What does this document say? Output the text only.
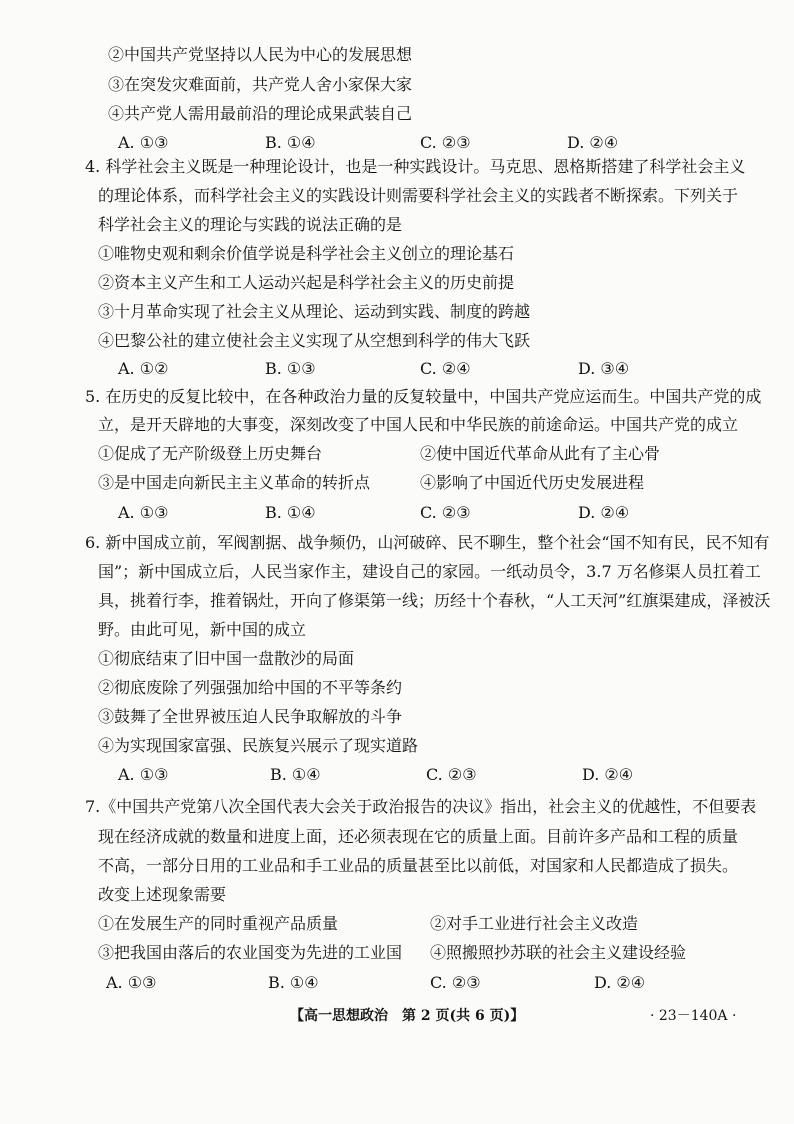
②中国共产党坚持以人民为中心的发展思想
③在突发灾难面前，共产党人舍小家保大家
④共产党人需用最前沿的理论成果武装自己
A. ①③	B. ①④	C. ②③	D. ②④
4. 科学社会主义既是一种理论设计，也是一种实践设计。马克思、恩格斯搭建了科学社会主义
的理论体系，而科学社会主义的实践设计则需要科学社会主义的实践者不断探索。下列关于
科学社会主义的理论与实践的说法正确的是
①唯物史观和剩余价值学说是科学社会主义创立的理论基石
②资本主义产生和工人运动兴起是科学社会主义的历史前提
③十月革命实现了社会主义从理论、运动到实践、制度的跨越
④巴黎公社的建立使社会主义实现了从空想到科学的伟大飞跃
A. ①②	B. ①③	C. ②④	D. ③④
5. 在历史的反复比较中，在各种政治力量的反复较量中，中国共产党应运而生。中国共产党的成
立，是开天辟地的大事变，深刻改变了中国人民和中华民族的前途命运。中国共产党的成立
①促成了无产阶级登上历史舞台	②使中国近代革命从此有了主心骨
③是中国走向新民主主义革命的转折点	④影响了中国近代历史发展进程
A. ①③	B. ①④	C. ②③	D. ②④
6. 新中国成立前，军阀割据、战争频仍，山河破碎、民不聊生，整个社会“国不知有民，民不知有
国”；新中国成立后，人民当家作主，建设自己的家园。一纸动员令，3.7 万名修渠人员扛着工
具，挑着行李，推着锅灶，开向了修渠第一线；历经十个春秋，“人工天河”红旗渠建成，泽被沃
野。由此可见，新中国的成立
①彻底结束了旧中国一盘散沙的局面
②彻底废除了列强强加给中国的不平等条约
③鼓舞了全世界被压迫人民争取解放的斗争
④为实现国家富强、民族复兴展示了现实道路
A. ①③	B. ①④	C. ②③	D. ②④
7.《中国共产党第八次全国代表大会关于政治报告的决议》指出，社会主义的优越性，不但要表
现在经济成就的数量和进度上面，还必须表现在它的质量上面。目前许多产品和工程的质量
不高，一部分日用的工业品和手工业品的质量甚至比以前低，对国家和人民都造成了损失。
改变上述现象需要
①在发展生产的同时重视产品质量	②对手工业进行社会主义改造
③把我国由落后的农业国变为先进的工业国 ④照搬照抄苏联的社会主义建设经验
A. ①③	B. ①④	C. ②③	D. ②④
【高一思想政治　第 2 页(共 6 页)】	· 23－140A ·
